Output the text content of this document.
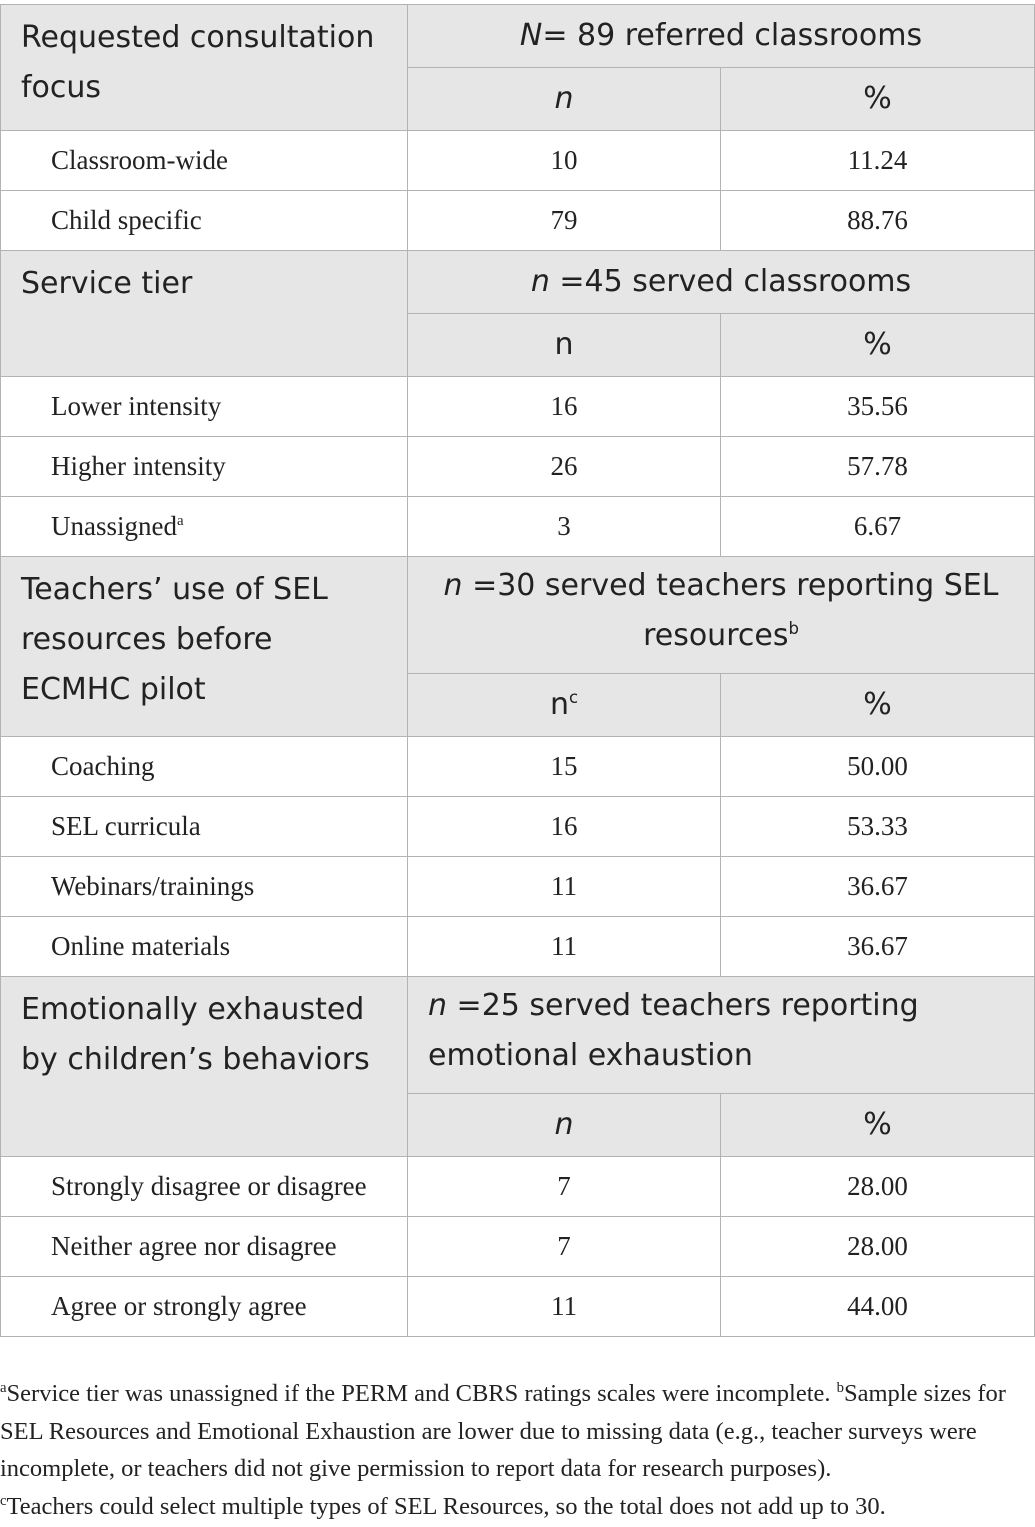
Requested consultation focus	N= 89 referred classrooms	
	n	%
Classroom-wide	10	11.24
Child specific	79	88.76
Service tier	n =45 served classrooms	
	n	%
Lower intensity	16	35.56
Higher intensity	26	57.78
Unassigned$^a$	3	6.67
Teachers’ use of SEL resources before ECMHC pilot	n =30 served teachers reporting SEL resources$^b$

	$n^c$	%
Coaching	15	50.00
SEL curricula	16	53.33
Webinars/trainings	11	36.67
Online materials	11	36.67
Emotionally exhausted by children’s behaviors	n =25 served teachers reporting emotional exhaustion	

	n	%
Strongly disagree or disagree	7	28.00
Neither agree nor disagree	7	28.00
Agree or strongly agree	11	44.00

$^a$Service tier was unassigned if the PERM and CBRS ratings scales were incomplete. $^b$Sample sizes for SEL Resources and Emotional Exhaustion are lower due to missing data (e.g., teacher surveys were incomplete, or teachers did not give permission to report data for research purposes).

$^c$Teachers could select multiple types of SEL Resources, so the total does not add up to 30.
